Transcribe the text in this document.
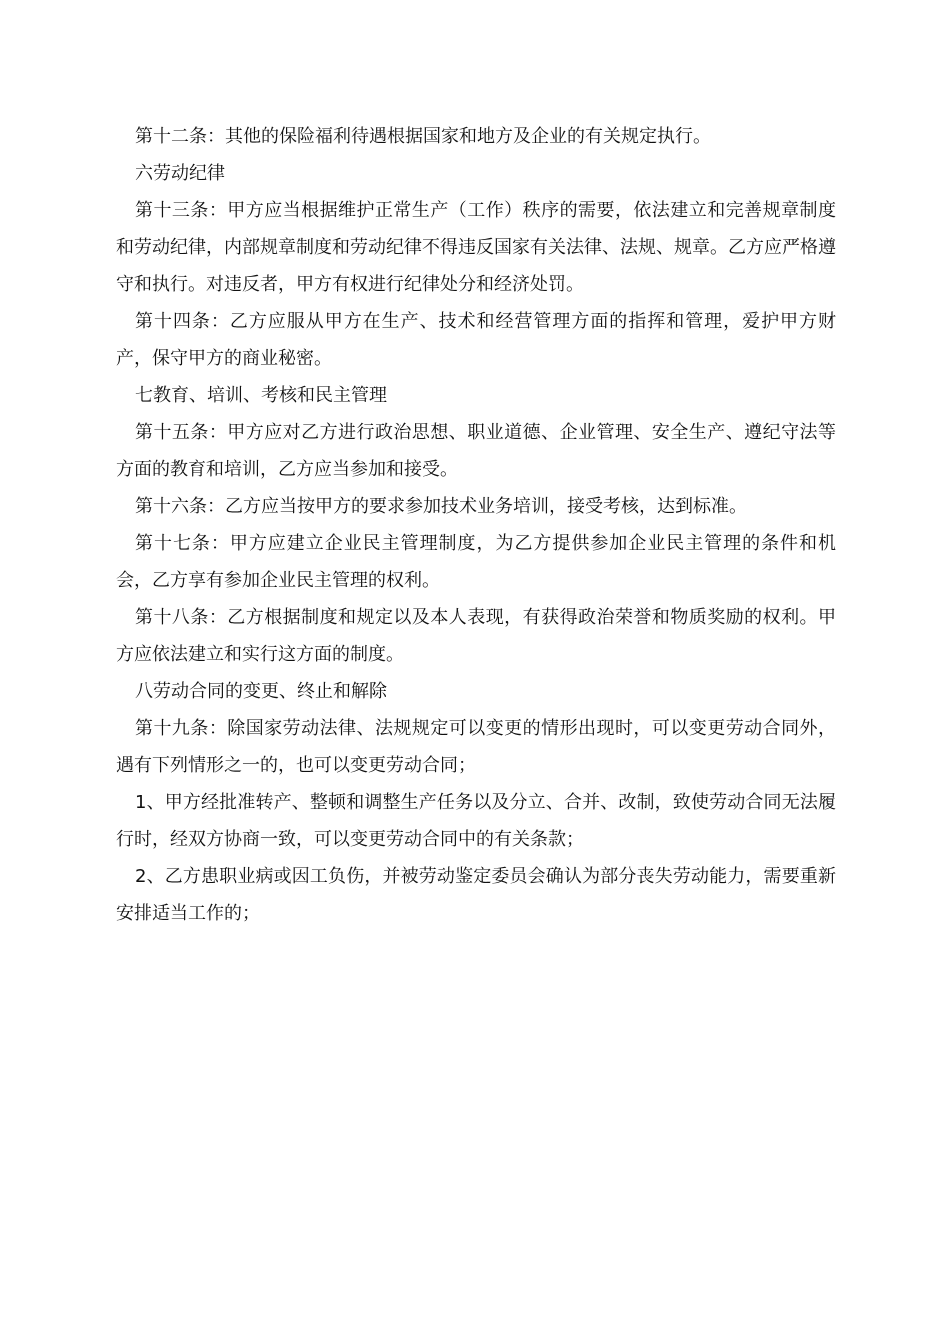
第十二条：其他的保险福利待遇根据国家和地方及企业的有关规定执行。

六劳动纪律

第十三条：甲方应当根据维护正常生产（工作）秩序的需要，依法建立和完善规章制度和劳动纪律，内部规章制度和劳动纪律不得违反国家有关法律、法规、规章。乙方应严格遵守和执行。对违反者，甲方有权进行纪律处分和经济处罚。

第十四条：乙方应服从甲方在生产、技术和经营管理方面的指挥和管理，爱护甲方财产，保守甲方的商业秘密。

七教育、培训、考核和民主管理

第十五条：甲方应对乙方进行政治思想、职业道德、企业管理、安全生产、遵纪守法等方面的教育和培训，乙方应当参加和接受。

第十六条：乙方应当按甲方的要求参加技术业务培训，接受考核，达到标准。

第十七条：甲方应建立企业民主管理制度，为乙方提供参加企业民主管理的条件和机会，乙方享有参加企业民主管理的权利。

第十八条：乙方根据制度和规定以及本人表现，有获得政治荣誉和物质奖励的权利。甲方应依法建立和实行这方面的制度。

八劳动合同的变更、终止和解除

第十九条：除国家劳动法律、法规规定可以变更的情形出现时，可以变更劳动合同外，遇有下列情形之一的，也可以变更劳动合同；

1、甲方经批准转产、整顿和调整生产任务以及分立、合并、改制，致使劳动合同无法履行时，经双方协商一致，可以变更劳动合同中的有关条款；

2、乙方患职业病或因工负伤，并被劳动鉴定委员会确认为部分丧失劳动能力，需要重新安排适当工作的；
